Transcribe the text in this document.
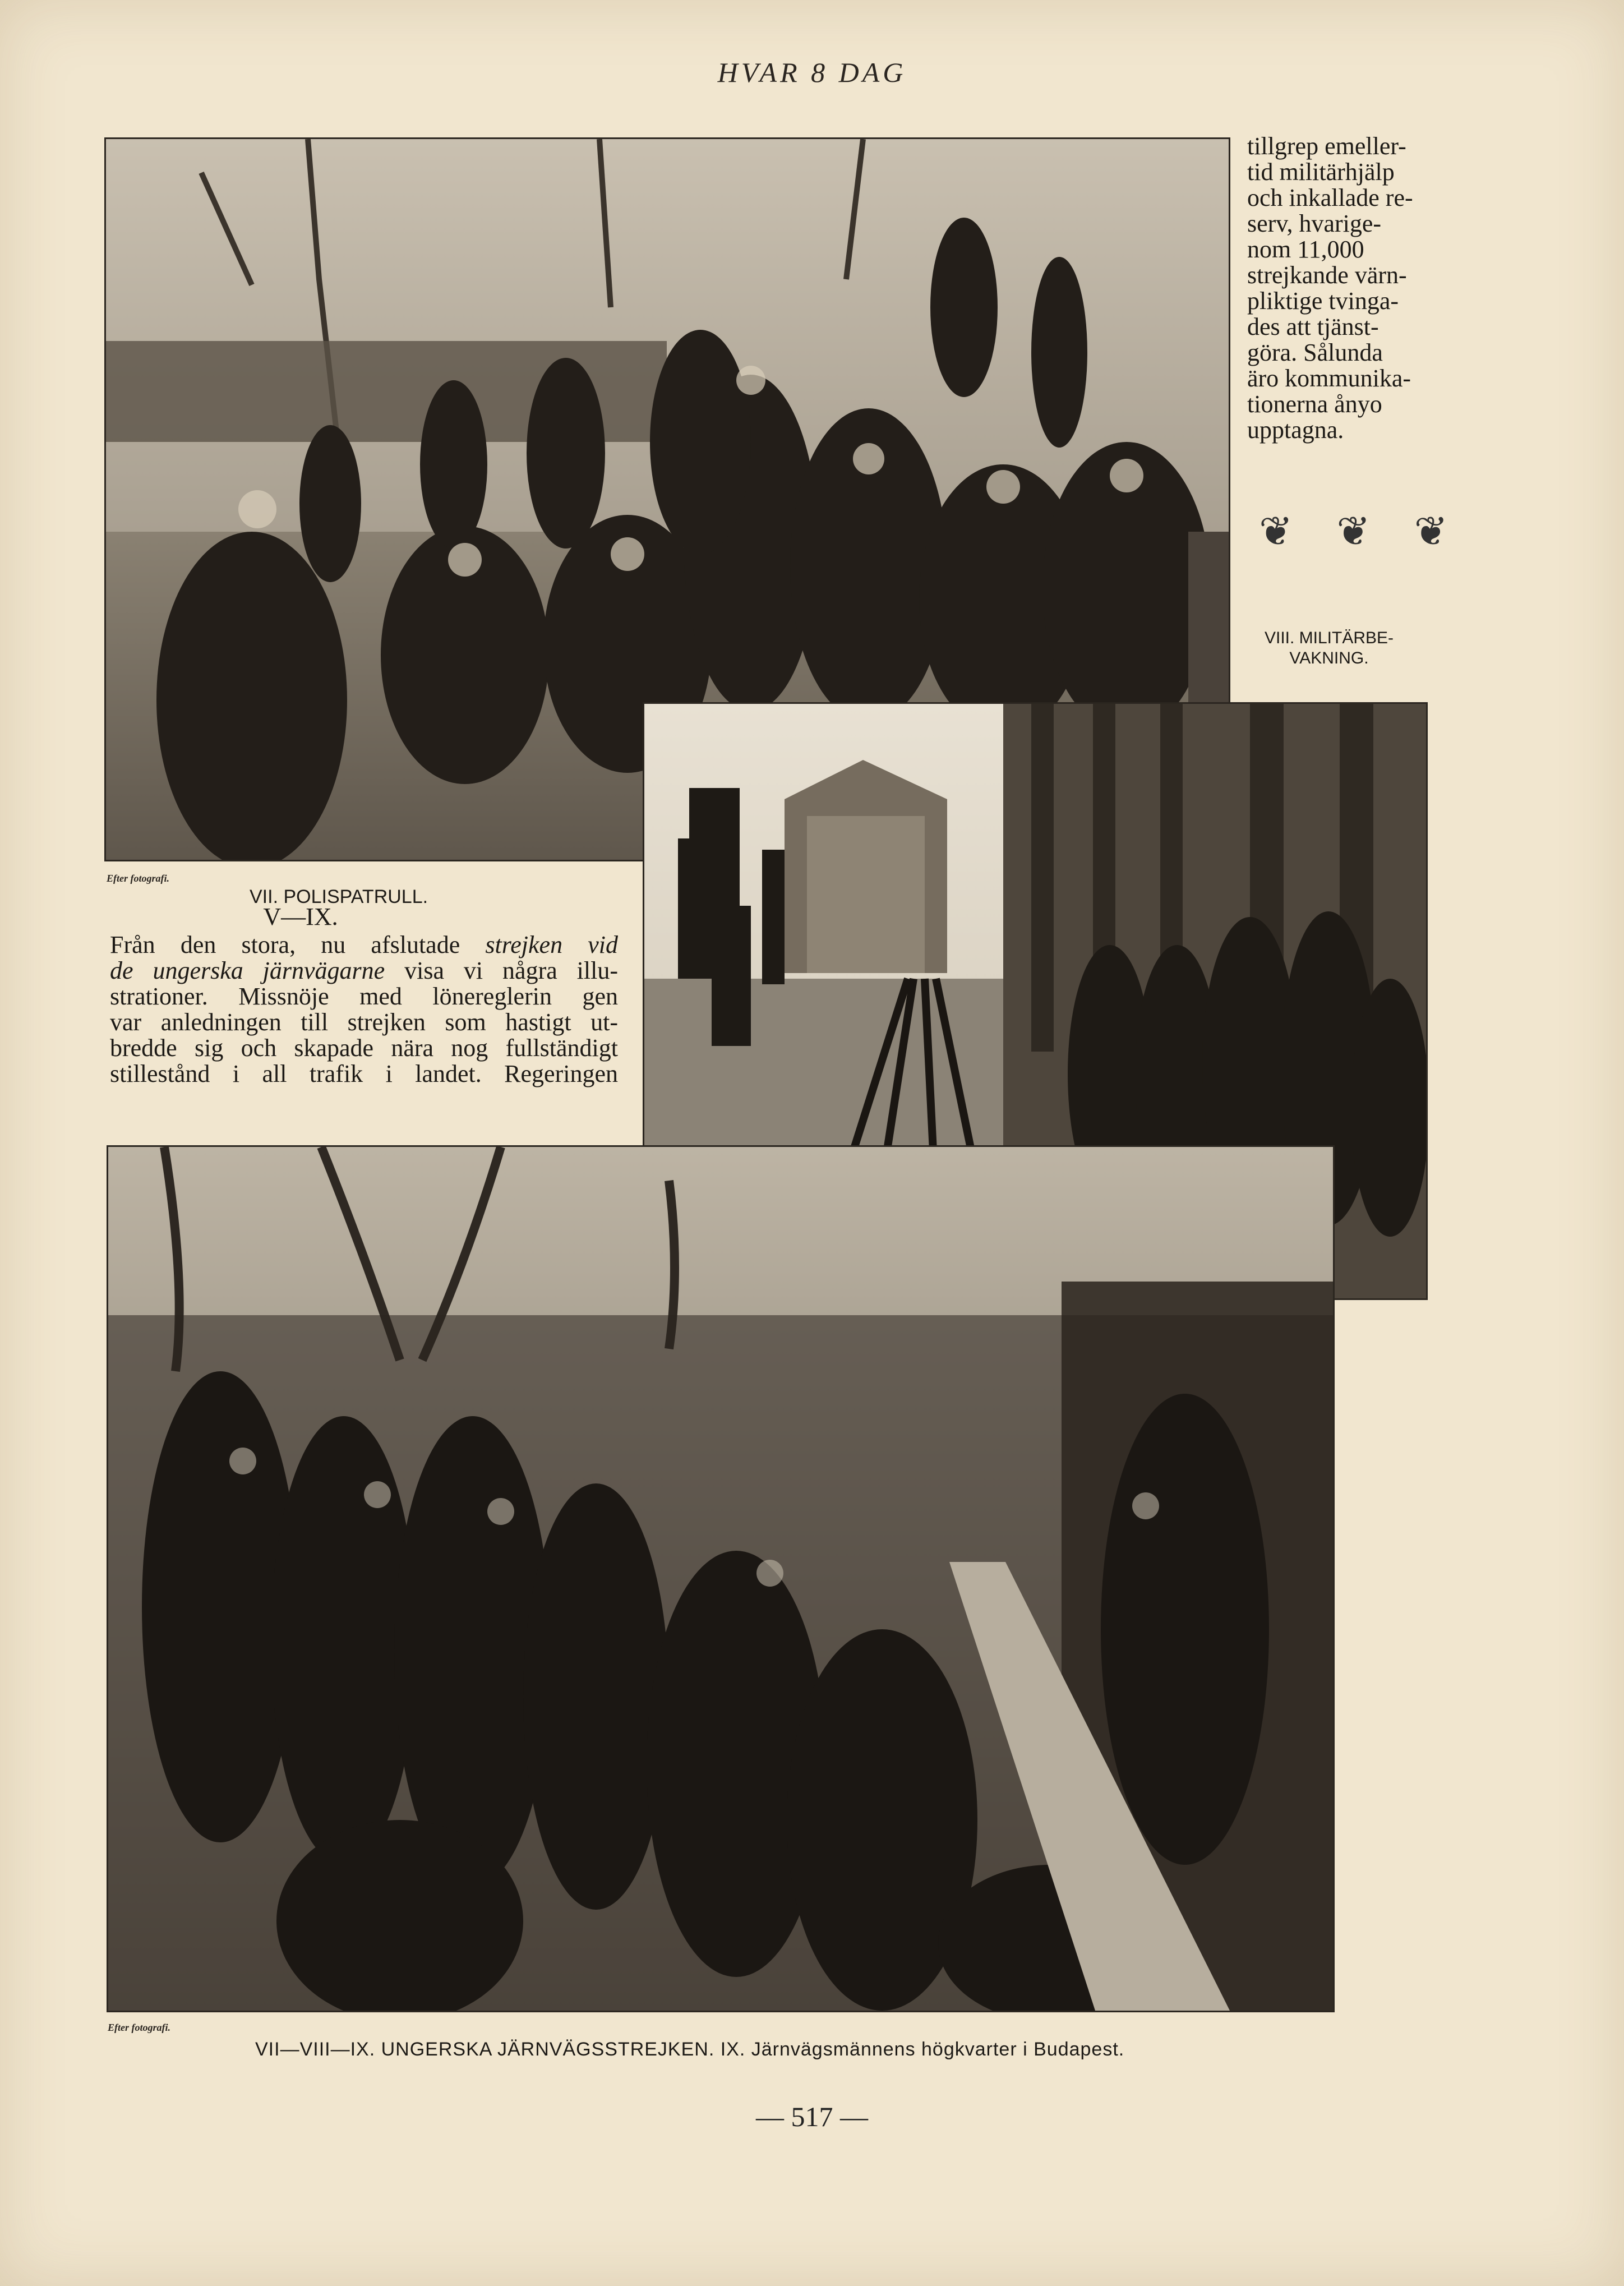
HVAR 8 DAG
tillgrep emeller-
tid militärhjälp
och inkallade re-
serv, hvarige-
nom 11,000
strejkande värn-
pliktige tvinga-
des att tjänst-
göra. Sålunda
äro kommunika-
tionerna ånyo
upptagna.
❦ ❦ ❦
VIII. MILITÄRBE-
VAKNING.
Efter fotografi.
VII. POLISPATRULL.
V—IX.
Från den stora, nu afslutade strejken vid
de ungerska järnvägarne visa vi några illu-
strationer. Missnöje med lönereglerin gen
var anledningen till strejken som hastigt ut-
bredde sig och skapade nära nog fullständigt
stillestånd i all trafik i landet. Regeringen
Efter fotografi.
VII—VIII—IX. UNGERSKA JÄRNVÄGSSTREJKEN. IX. Järnvägsmännens högkvarter i Budapest.
— 517 —
